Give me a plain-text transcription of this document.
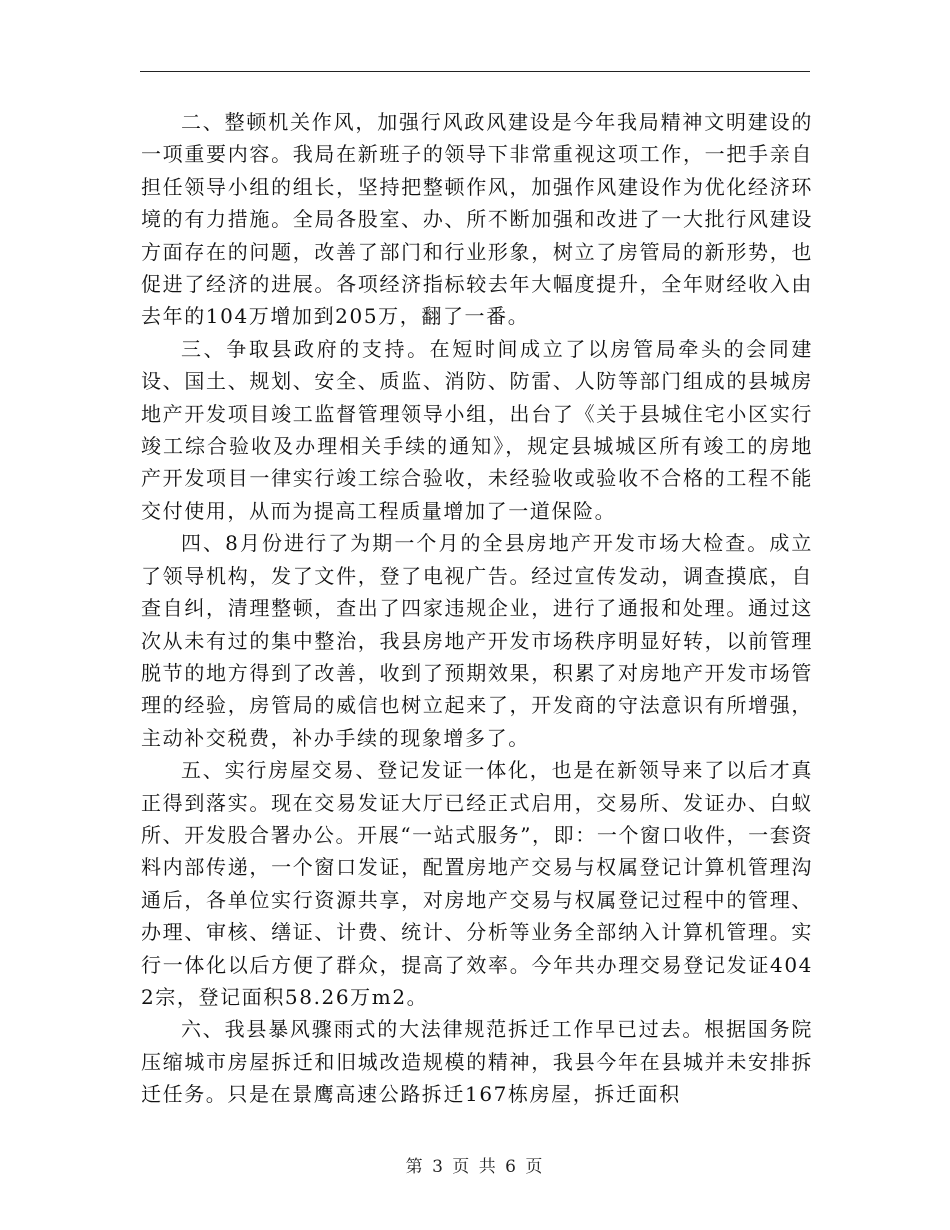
二、整顿机关作风，加强行风政风建设是今年我局精神文明建设的一项重要内容。我局在新班子的领导下非常重视这项工作，一把手亲自担任领导小组的组长，坚持把整顿作风，加强作风建设作为优化经济环境的有力措施。全局各股室、办、所不断加强和改进了一大批行风建设方面存在的问题，改善了部门和行业形象，树立了房管局的新形势，也促进了经济的进展。各项经济指标较去年大幅度提升，全年财经收入由去年的104万增加到205万，翻了一番。

三、争取县政府的支持。在短时间成立了以房管局牵头的会同建设、国土、规划、安全、质监、消防、防雷、人防等部门组成的县城房地产开发项目竣工监督管理领导小组，出台了《关于县城住宅小区实行竣工综合验收及办理相关手续的通知》，规定县城城区所有竣工的房地产开发项目一律实行竣工综合验收，未经验收或验收不合格的工程不能交付使用，从而为提高工程质量增加了一道保险。

四、8月份进行了为期一个月的全县房地产开发市场大检查。成立了领导机构，发了文件，登了电视广告。经过宣传发动，调查摸底，自查自纠，清理整顿，查出了四家违规企业，进行了通报和处理。通过这次从未有过的集中整治，我县房地产开发市场秩序明显好转，以前管理脱节的地方得到了改善，收到了预期效果，积累了对房地产开发市场管理的经验，房管局的威信也树立起来了，开发商的守法意识有所增强，主动补交税费，补办手续的现象增多了。

五、实行房屋交易、登记发证一体化，也是在新领导来了以后才真正得到落实。现在交易发证大厅已经正式启用，交易所、发证办、白蚁所、开发股合署办公。开展“一站式服务”，即：一个窗口收件，一套资料内部传递，一个窗口发证，配置房地产交易与权属登记计算机管理沟通后，各单位实行资源共享，对房地产交易与权属登记过程中的管理、办理、审核、缮证、计费、统计、分析等业务全部纳入计算机管理。实行一体化以后方便了群众，提高了效率。今年共办理交易登记发证4042宗，登记面积58.26万m2。

六、我县暴风骤雨式的大法律规范拆迁工作早已过去。根据国务院压缩城市房屋拆迁和旧城改造规模的精神，我县今年在县城并未安排拆迁任务。只是在景鹰高速公路拆迁167栋房屋，拆迁面积

第 3 页 共 6 页
